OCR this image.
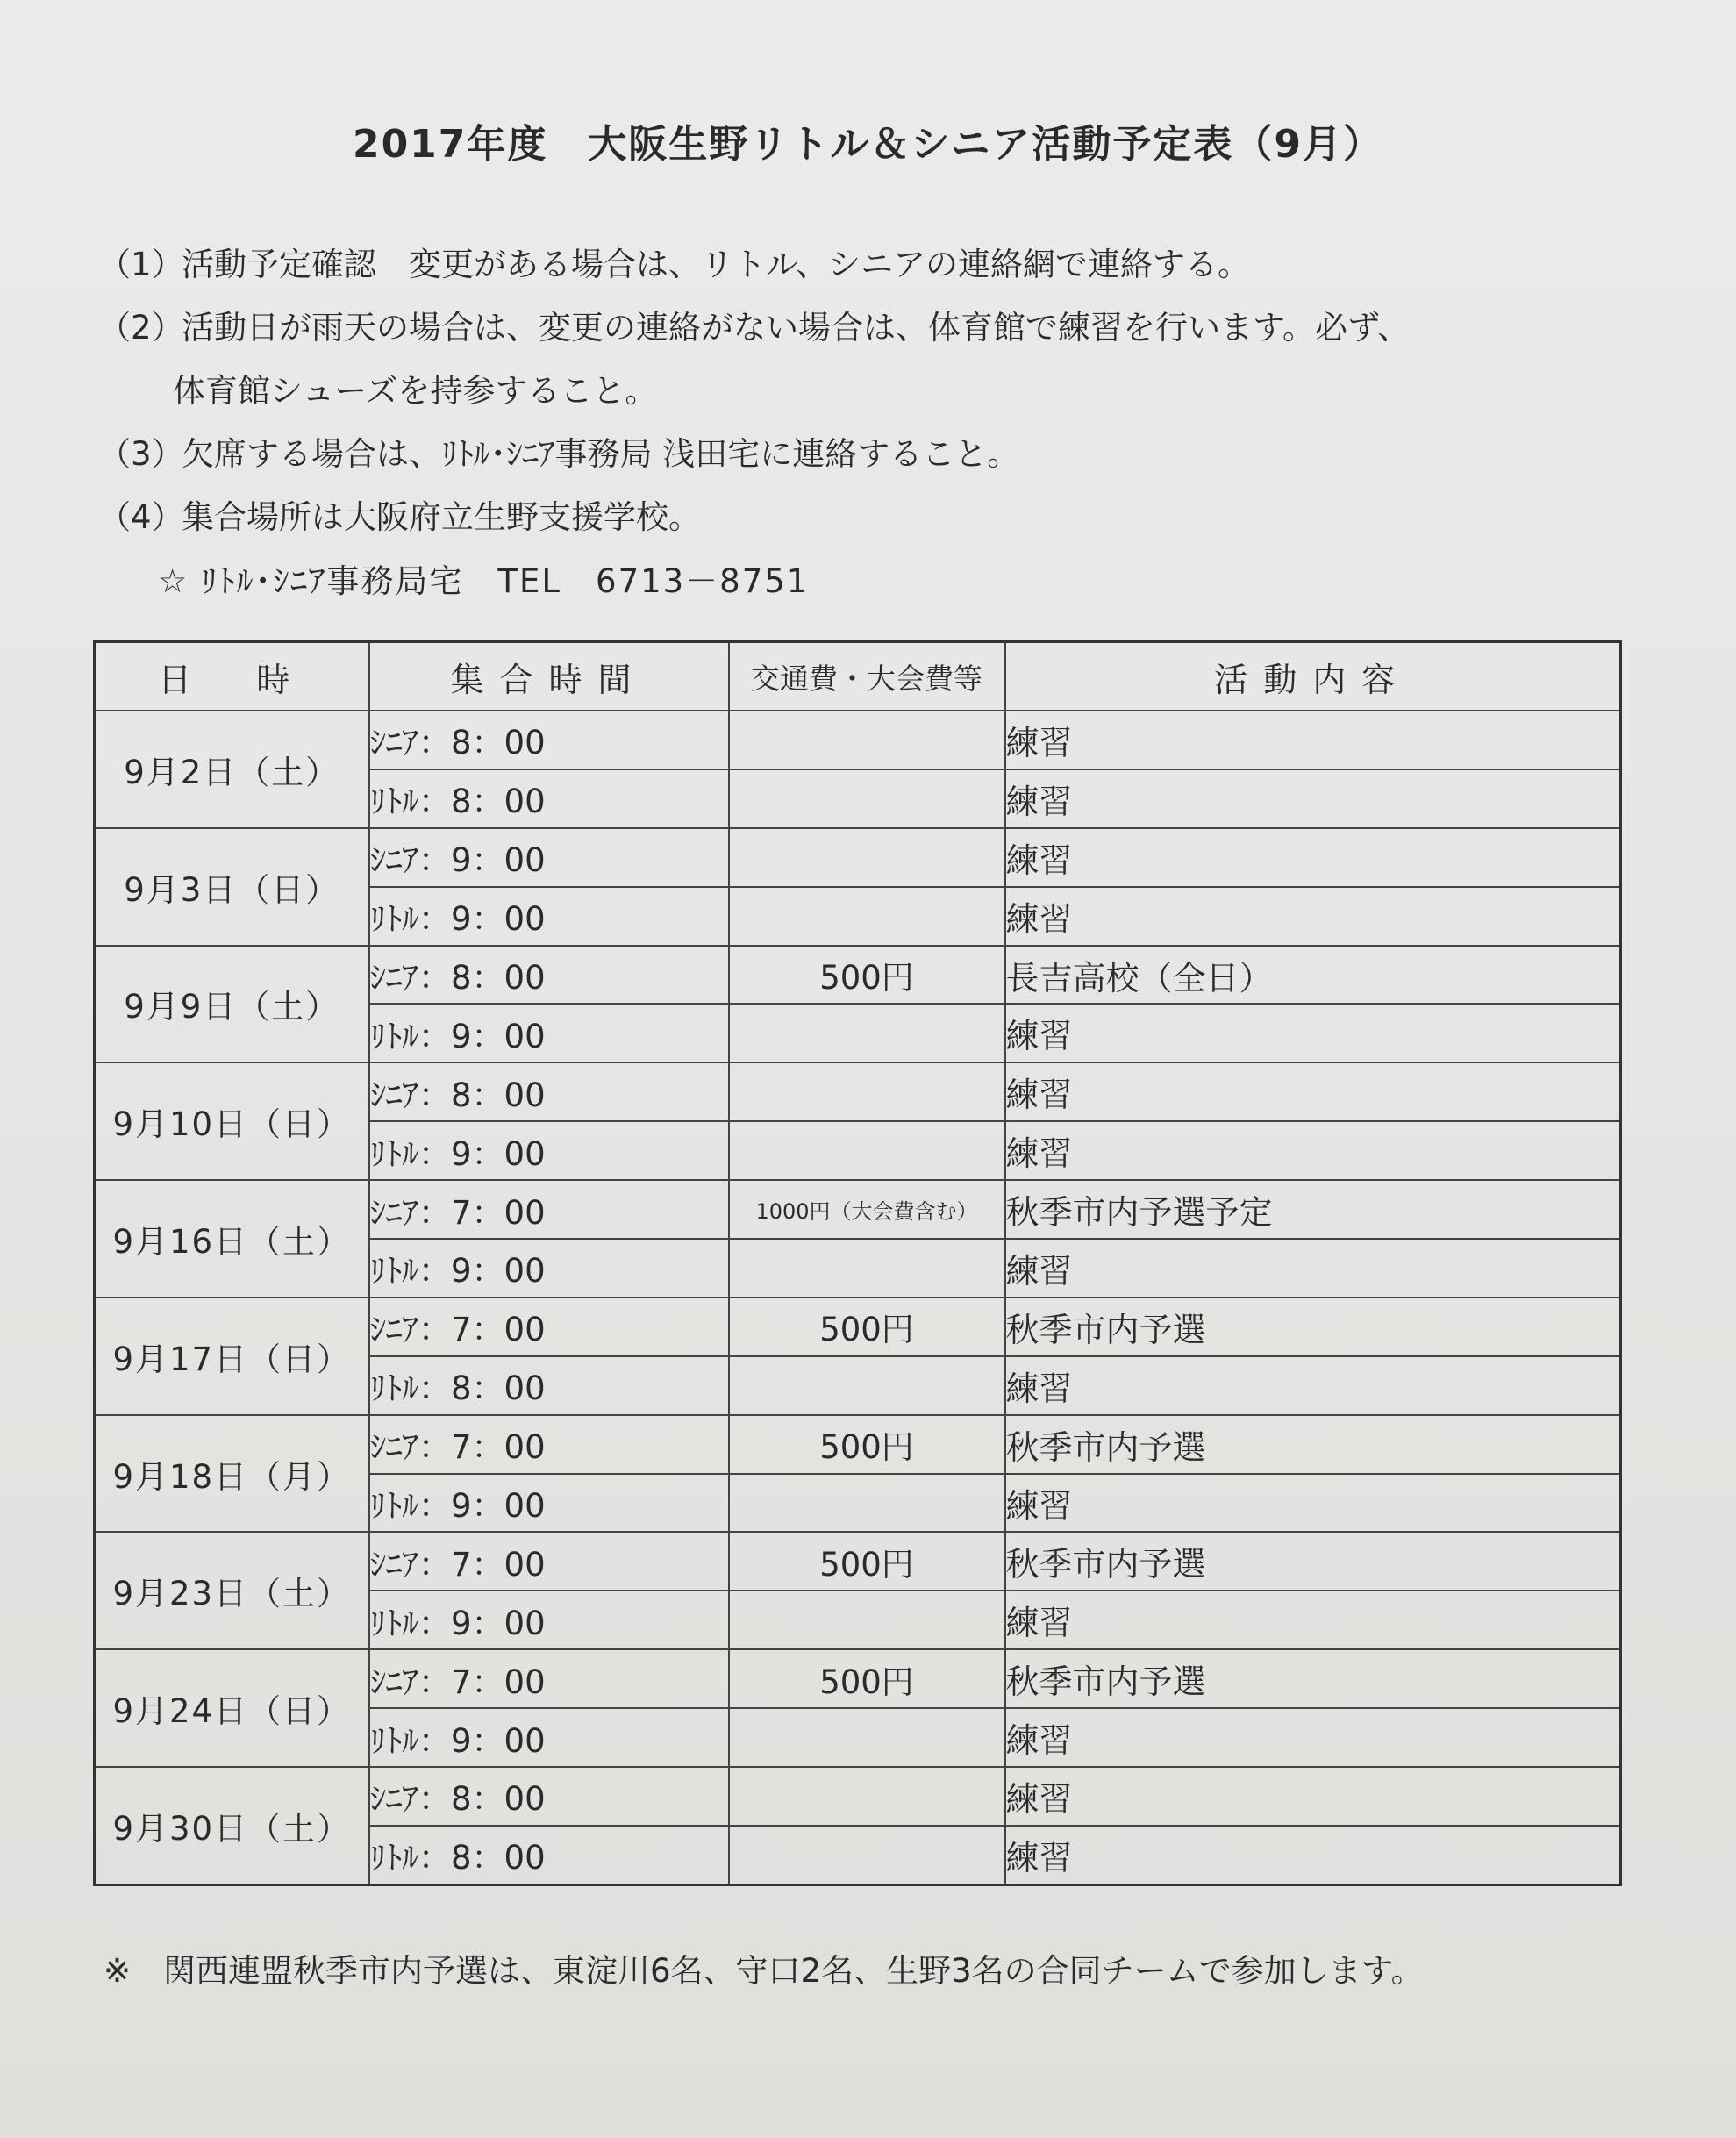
2017年度　大阪生野リトル＆シニア活動予定表（9月）
（1）
活動予定確認　変更がある場合は、リトル、シニアの連絡網で連絡する。
（2）
活動日が雨天の場合は、変更の連絡がない場合は、体育館で練習を行います。必ず、
体育館シューズを持参すること。
（3）
欠席する場合は、ﾘﾄﾙ･ｼﾆｱ事務局 浅田宅に連絡すること。
（4）
集合場所は大阪府立生野支援学校。
☆ ﾘﾄﾙ･ｼﾆｱ事務局宅　TEL　6713－8751
日　時	集合時間	交通費・大会費等	活動内容
9月2日（土）	ｼﾆｱ：8：00		練習
	ﾘﾄﾙ：8：00		練習
9月3日（日）	ｼﾆｱ：9：00		練習
	ﾘﾄﾙ：9：00		練習
9月9日（土）	ｼﾆｱ：8：00	500円	長吉高校（全日）
	ﾘﾄﾙ：9：00		練習
9月10日（日）	ｼﾆｱ：8：00		練習
	ﾘﾄﾙ：9：00		練習
9月16日（土）	ｼﾆｱ：7：00	1000円（大会費含む）	秋季市内予選予定
	ﾘﾄﾙ：9：00		練習
9月17日（日）	ｼﾆｱ：7：00	500円	秋季市内予選
	ﾘﾄﾙ：8：00		練習
9月18日（月）	ｼﾆｱ：7：00	500円	秋季市内予選
	ﾘﾄﾙ：9：00		練習
9月23日（土）	ｼﾆｱ：7：00	500円	秋季市内予選
	ﾘﾄﾙ：9：00		練習
9月24日（日）	ｼﾆｱ：7：00	500円	秋季市内予選
	ﾘﾄﾙ：9：00		練習
9月30日（土）	ｼﾆｱ：8：00		練習
	ﾘﾄﾙ：8：00		練習
※　関西連盟秋季市内予選は、東淀川6名、守口2名、生野3名の合同チームで参加します。
